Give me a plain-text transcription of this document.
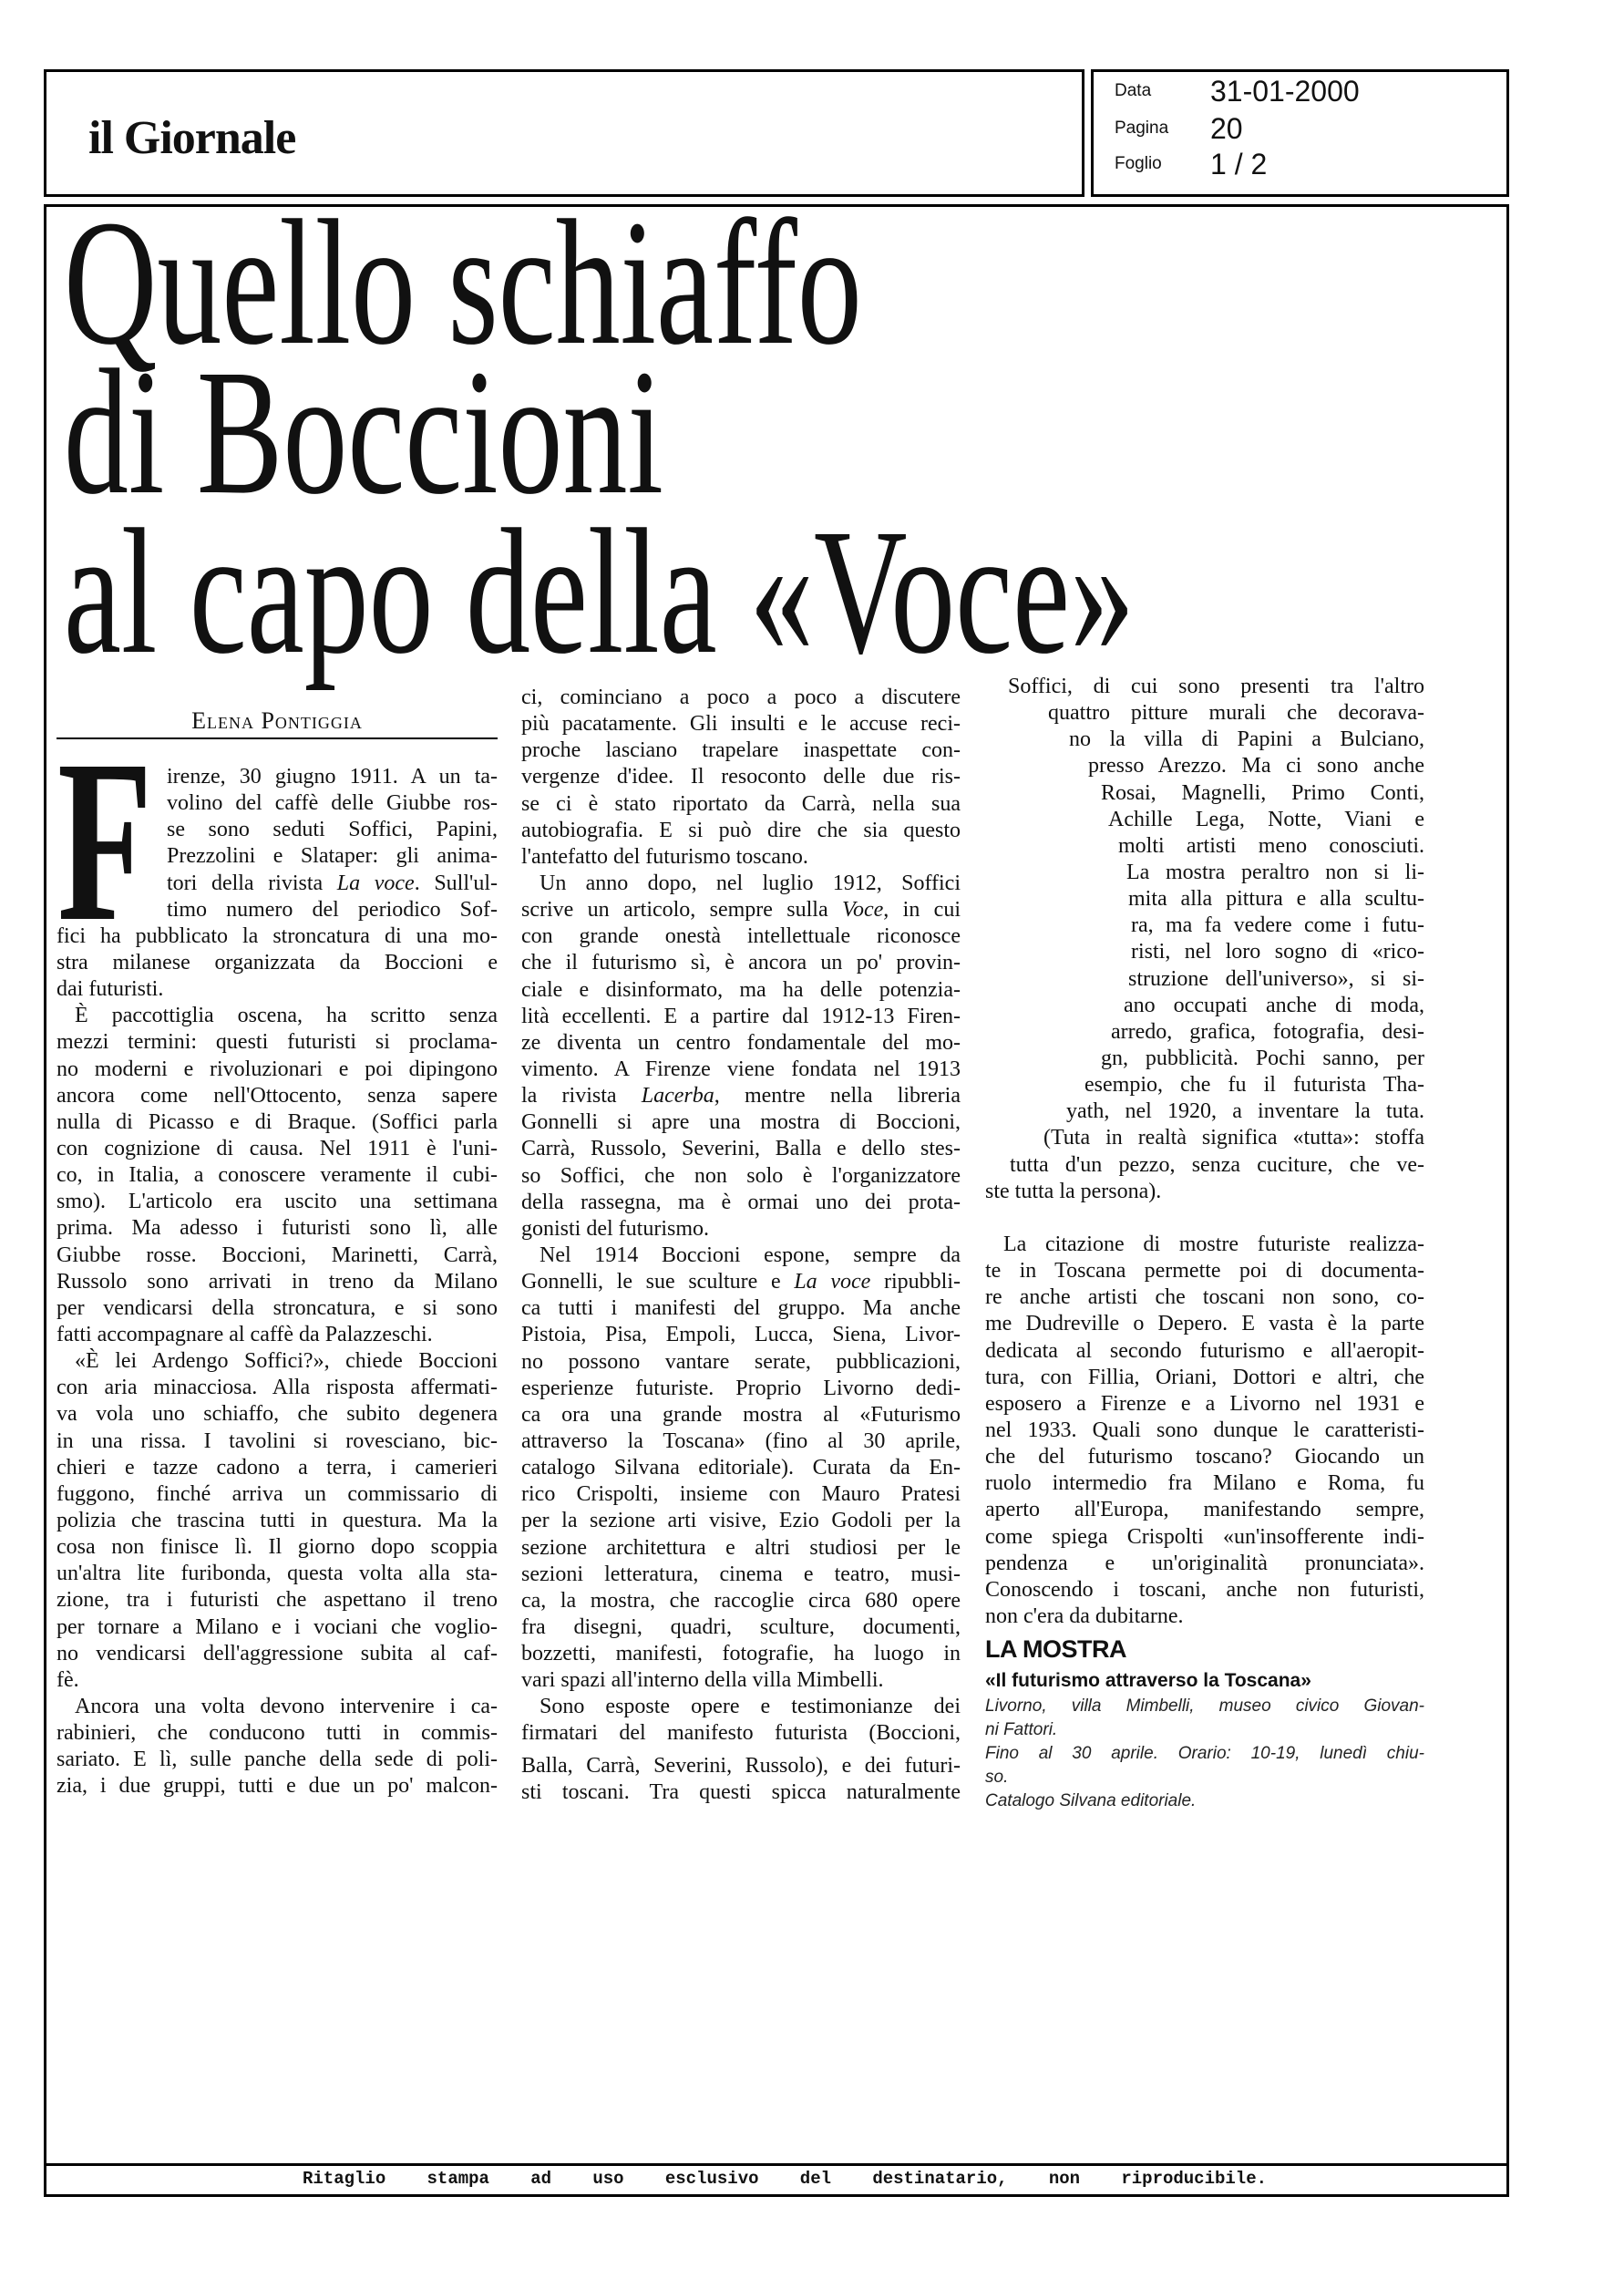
il Giornale
Data 31-01-2000
Pagina 20
Foglio 1 / 2
Quello schiaffo
di Boccioni
al capo della «Voce»
Elena Pontiggia
F irenze, 30 giugno 1911. A un ta-
volino del caffè delle Giubbe ros-
se sono seduti Soffici, Papini,
Prezzolini e Slataper: gli anima-
tori della rivista La voce. Sull'ul-
timo numero del periodico Sof-
fici ha pubblicato la stroncatura di una mo-
stra milanese organizzata da Boccioni e
dai futuristi.
È paccottiglia oscena, ha scritto senza
mezzi termini: questi futuristi si proclama-
no moderni e rivoluzionari e poi dipingono
ancora come nell'Ottocento, senza sapere
nulla di Picasso e di Braque. (Soffici parla
con cognizione di causa. Nel 1911 è l'uni-
co, in Italia, a conoscere veramente il cubi-
smo). L'articolo era uscito una settimana
prima. Ma adesso i futuristi sono lì, alle
Giubbe rosse. Boccioni, Marinetti, Carrà,
Russolo sono arrivati in treno da Milano
per vendicarsi della stroncatura, e si sono
fatti accompagnare al caffè da Palazzeschi.
«È lei Ardengo Soffici?», chiede Boccioni
con aria minacciosa. Alla risposta affermati-
va vola uno schiaffo, che subito degenera
in una rissa. I tavolini si rovesciano, bic-
chieri e tazze cadono a terra, i camerieri
fuggono, finché arriva un commissario di
polizia che trascina tutti in questura. Ma la
cosa non finisce lì. Il giorno dopo scoppia
un'altra lite furibonda, questa volta alla sta-
zione, tra i futuristi che aspettano il treno
per tornare a Milano e i vociani che voglio-
no vendicarsi dell'aggressione subita al caf-
fè.
Ancora una volta devono intervenire i ca-
rabinieri, che conducono tutti in commis-
sariato. E lì, sulle panche della sede di poli-
zia, i due gruppi, tutti e due un po' malcon-
ci, cominciano a poco a poco a discutere
più pacatamente. Gli insulti e le accuse reci-
proche lasciano trapelare inaspettate con-
vergenze d'idee. Il resoconto delle due ris-
se ci è stato riportato da Carrà, nella sua
autobiografia. E si può dire che sia questo
l'antefatto del futurismo toscano.
Un anno dopo, nel luglio 1912, Soffici
scrive un articolo, sempre sulla Voce, in cui
con grande onestà intellettuale riconosce
che il futurismo sì, è ancora un po' provin-
ciale e disinformato, ma ha delle potenzia-
lità eccellenti. E a partire dal 1912-13 Firen-
ze diventa un centro fondamentale del mo-
vimento. A Firenze viene fondata nel 1913
la rivista Lacerba, mentre nella libreria
Gonnelli si apre una mostra di Boccioni,
Carrà, Russolo, Severini, Balla e dello stes-
so Soffici, che non solo è l'organizzatore
della rassegna, ma è ormai uno dei prota-
gonisti del futurismo.
Nel 1914 Boccioni espone, sempre da
Gonnelli, le sue sculture e La voce ripubbli-
ca tutti i manifesti del gruppo. Ma anche
Pistoia, Pisa, Empoli, Lucca, Siena, Livor-
no possono vantare serate, pubblicazioni,
esperienze futuriste. Proprio Livorno dedi-
ca ora una grande mostra al «Futurismo
attraverso la Toscana» (fino al 30 aprile,
catalogo Silvana editoriale). Curata da En-
rico Crispolti, insieme con Mauro Pratesi
per la sezione arti visive, Ezio Godoli per la
sezione architettura e altri studiosi per le
sezioni letteratura, cinema e teatro, musi-
ca, la mostra, che raccoglie circa 680 opere
fra disegni, quadri, sculture, documenti,
bozzetti, manifesti, fotografie, ha luogo in
vari spazi all'interno della villa Mimbelli.
Sono esposte opere e testimonianze dei
firmatari del manifesto futurista (Boccioni,
Balla, Carrà, Severini, Russolo), e dei futuri-
sti toscani. Tra questi spicca naturalmente
Soffici, di cui sono presenti tra l'altro
quattro pitture murali che decorava-
no la villa di Papini a Bulciano,
presso Arezzo. Ma ci sono anche
Rosai, Magnelli, Primo Conti,
Achille Lega, Notte, Viani e
molti artisti meno conosciuti.
La mostra peraltro non si li-
mita alla pittura e alla scultu-
ra, ma fa vedere come i futu-
risti, nel loro sogno di «rico-
struzione dell'universo», si si-
ano occupati anche di moda,
arredo, grafica, fotografia, desi-
gn, pubblicità. Pochi sanno, per
esempio, che fu il futurista Tha-
yath, nel 1920, a inventare la tuta.
(Tuta in realtà significa «tutta»: stoffa
tutta d'un pezzo, senza cuciture, che ve-
ste tutta la persona).
La citazione di mostre futuriste realizza-
te in Toscana permette poi di documenta-
re anche artisti che toscani non sono, co-
me Dudreville o Depero. E vasta è la parte
dedicata al secondo futurismo e all'aeropit-
tura, con Fillia, Oriani, Dottori e altri, che
esposero a Firenze e a Livorno nel 1931 e
nel 1933. Quali sono dunque le caratteristi-
che del futurismo toscano? Giocando un
ruolo intermedio fra Milano e Roma, fu
aperto all'Europa, manifestando sempre,
come spiega Crispolti «un'insofferente indi-
pendenza e un'originalità pronunciata».
Conoscendo i toscani, anche non futuristi,
non c'era da dubitarne.
LA MOSTRA
«Il futurismo attraverso la Toscana»
Livorno, villa Mimbelli, museo civico Giovan-
ni Fattori.
Fino al 30 aprile. Orario: 10-19, lunedì chiu-
so.
Catalogo Silvana editoriale.
Ritaglio stampa ad uso esclusivo del destinatario, non riproducibile.
